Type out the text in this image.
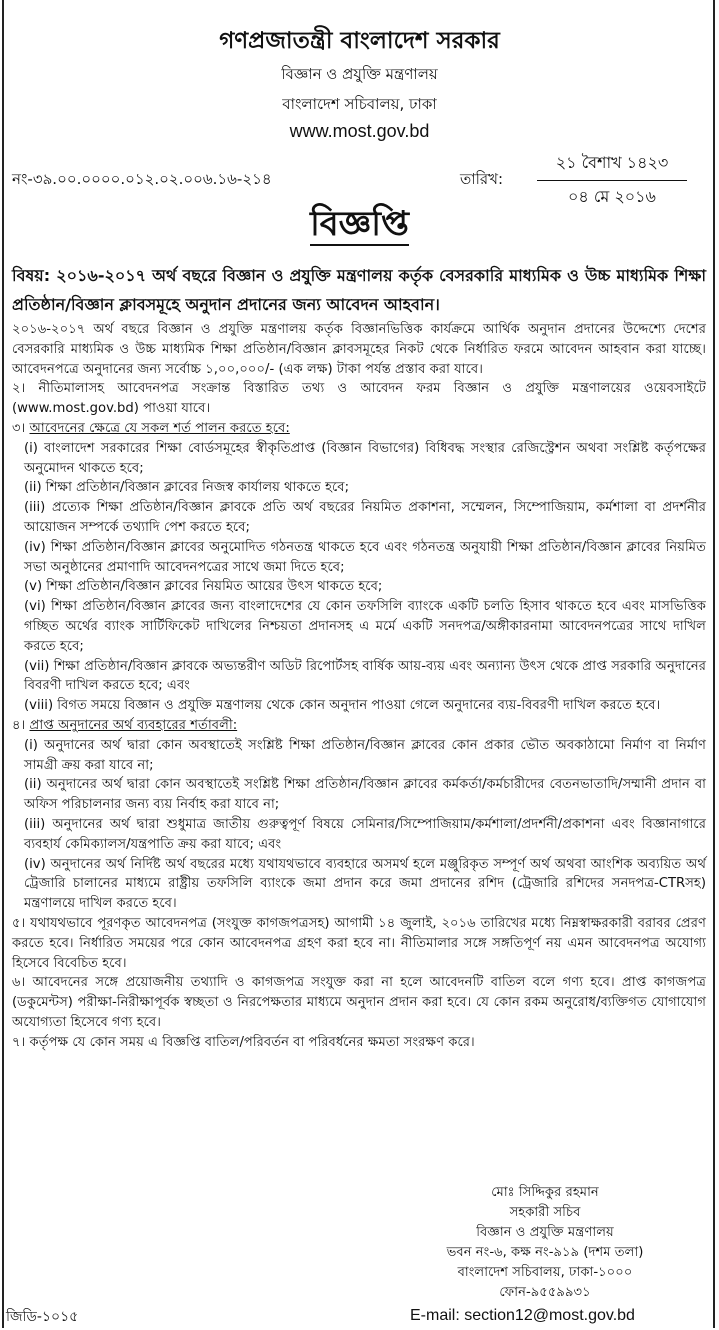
গণপ্রজাতন্ত্রী বাংলাদেশ সরকার
বিজ্ঞান ও প্রযুক্তি মন্ত্রণালয়
বাংলাদেশ সচিবালয়, ঢাকা
www.most.gov.bd
নং-৩৯.০০.০০০০.০১২.০২.০০৬.১৬-২১৪	তারিখ:
২১ বৈশাখ ১৪২৩
০৪ মে ২০১৬
বিজ্ঞপ্তি
বিষয়: ২০১৬-২০১৭ অর্থ বছরে বিজ্ঞান ও প্রযুক্তি মন্ত্রণালয় কর্তৃক বেসরকারি মাধ্যমিক ও উচ্চ মাধ্যমিক শিক্ষা প্রতিষ্ঠান/বিজ্ঞান ক্লাবসমূহে অনুদান প্রদানের জন্য আবেদন আহবান।

২০১৬-২০১৭ অর্থ বছরে বিজ্ঞান ও প্রযুক্তি মন্ত্রণালয় কর্তৃক বিজ্ঞানভিত্তিক কার্যক্রমে আর্থিক অনুদান প্রদানের উদ্দেশ্যে দেশের বেসরকারি মাধ্যমিক ও উচ্চ মাধ্যমিক শিক্ষা প্রতিষ্ঠান/বিজ্ঞান ক্লাবসমূহের নিকট থেকে নির্ধারিত ফরমে আবেদন আহবান করা যাচ্ছে। আবেদনপত্রে অনুদানের জন্য সর্বোচ্চ ১,০০,০০০/- (এক লক্ষ) টাকা পর্যন্ত প্রস্তাব করা যাবে।

২। নীতিমালাসহ আবেদনপত্র সংক্রান্ত বিস্তারিত তথ্য ও আবেদন ফরম বিজ্ঞান ও প্রযুক্তি মন্ত্রণালয়ের ওয়েবসাইটে (www.most.gov.bd) পাওয়া যাবে।

৩। আবেদনের ক্ষেত্রে যে সকল শর্ত পালন করতে হবে:

(i) বাংলাদেশ সরকারের শিক্ষা বোর্ডসমূহের স্বীকৃতিপ্রাপ্ত (বিজ্ঞান বিভাগের) বিধিবদ্ধ সংস্থার রেজিস্ট্রেশন অথবা সংশ্লিষ্ট কর্তৃপক্ষের অনুমোদন থাকতে হবে;

(ii) শিক্ষা প্রতিষ্ঠান/বিজ্ঞান ক্লাবের নিজস্ব কার্যালয় থাকতে হবে;

(iii) প্রত্যেক শিক্ষা প্রতিষ্ঠান/বিজ্ঞান ক্লাবকে প্রতি অর্থ বছরের নিয়মিত প্রকাশনা, সম্মেলন, সিম্পোজিয়াম, কর্মশালা বা প্রদর্শনীর আয়োজন সম্পর্কে তথ্যাদি পেশ করতে হবে;

(iv) শিক্ষা প্রতিষ্ঠান/বিজ্ঞান ক্লাবের অনুমোদিত গঠনতন্ত্র থাকতে হবে এবং গঠনতন্ত্র অনুযায়ী শিক্ষা প্রতিষ্ঠান/বিজ্ঞান ক্লাবের নিয়মিত সভা অনুষ্ঠানের প্রমাণাদি আবেদনপত্রের সাথে জমা দিতে হবে;

(v) শিক্ষা প্রতিষ্ঠান/বিজ্ঞান ক্লাবের নিয়মিত আয়ের উৎস থাকতে হবে;

(vi) শিক্ষা প্রতিষ্ঠান/বিজ্ঞান ক্লাবের জন্য বাংলাদেশের যে কোন তফসিলি ব্যাংকে একটি চলতি হিসাব থাকতে হবে এবং মাসভিত্তিক গচ্ছিত অর্থের ব্যাংক সার্টিফিকেট দাখিলের নিশ্চয়তা প্রদানসহ এ মর্মে একটি সনদপত্র/অঙ্গীকারনামা আবেদনপত্রের সাথে দাখিল করতে হবে;

(vii) শিক্ষা প্রতিষ্ঠান/বিজ্ঞান ক্লাবকে অভ্যন্তরীণ অডিট রিপোর্টসহ বার্ষিক আয়-ব্যয় এবং অন্যান্য উৎস থেকে প্রাপ্ত সরকারি অনুদানের বিবরণী দাখিল করতে হবে; এবং

(viii) বিগত সময়ে বিজ্ঞান ও প্রযুক্তি মন্ত্রণালয় থেকে কোন অনুদান পাওয়া গেলে অনুদানের ব্যয়-বিবরণী দাখিল করতে হবে।

৪। প্রাপ্ত অনুদানের অর্থ ব্যবহারের শর্তাবলী:

(i) অনুদানের অর্থ দ্বারা কোন অবস্থাতেই সংশ্লিষ্ট শিক্ষা প্রতিষ্ঠান/বিজ্ঞান ক্লাবের কোন প্রকার ভৌত অবকাঠামো নির্মাণ বা নির্মাণ সামগ্রী ক্রয় করা যাবে না;

(ii) অনুদানের অর্থ দ্বারা কোন অবস্থাতেই সংশ্লিষ্ট শিক্ষা প্রতিষ্ঠান/বিজ্ঞান ক্লাবের কর্মকর্তা/কর্মচারীদের বেতনভাতাদি/সম্মানী প্রদান বা অফিস পরিচালনার জন্য ব্যয় নির্বাহ করা যাবে না;

(iii) অনুদানের অর্থ দ্বারা শুধুমাত্র জাতীয় গুরুত্বপূর্ণ বিষয়ে সেমিনার/সিম্পোজিয়াম/কর্মশালা/প্রদর্শনী/প্রকাশনা এবং বিজ্ঞানাগারে ব্যবহার্য কেমিক্যালস/যন্ত্রপাতি ক্রয় করা যাবে; এবং

(iv) অনুদানের অর্থ নির্দিষ্ট অর্থ বছরের মধ্যে যথাযথভাবে ব্যবহারে অসমর্থ হলে মঞ্জুরিকৃত সম্পূর্ণ অর্থ অথবা আংশিক অব্যয়িত অর্থ ট্রেজারি চালানের মাধ্যমে রাষ্ট্রীয় তফসিলি ব্যাংকে জমা প্রদান করে জমা প্রদানের রশিদ (ট্রেজারি রশিদের সনদপত্র-CTRসহ) মন্ত্রণালয়ে দাখিল করতে হবে।

৫। যথাযথভাবে পূরণকৃত আবেদনপত্র (সংযুক্ত কাগজপত্রসহ) আগামী ১৪ জুলাই, ২০১৬ তারিখের মধ্যে নিম্নস্বাক্ষরকারী বরাবর প্রেরণ করতে হবে। নির্ধারিত সময়ের পরে কোন আবেদনপত্র গ্রহণ করা হবে না। নীতিমালার সঙ্গে সঙ্গতিপূর্ণ নয় এমন আবেদনপত্র অযোগ্য হিসেবে বিবেচিত হবে।

৬। আবেদনের সঙ্গে প্রয়োজনীয় তথ্যাদি ও কাগজপত্র সংযুক্ত করা না হলে আবেদনটি বাতিল বলে গণ্য হবে। প্রাপ্ত কাগজপত্র (ডকুমেন্টস) পরীক্ষা-নিরীক্ষাপূর্বক স্বচ্ছতা ও নিরপেক্ষতার মাধ্যমে অনুদান প্রদান করা হবে। যে কোন রকম অনুরোধ/ব্যক্তিগত যোগাযোগ অযোগ্যতা হিসেবে গণ্য হবে।

৭। কর্তৃপক্ষ যে কোন সময় এ বিজ্ঞপ্তি বাতিল/পরিবর্তন বা পরিবর্ধনের ক্ষমতা সংরক্ষণ করে।

মোঃ সিদ্দিকুর রহমান
সহকারী সচিব
বিজ্ঞান ও প্রযুক্তি মন্ত্রণালয়
ভবন নং-৬, কক্ষ নং-৯১৯ (দশম তলা)
বাংলাদেশ সচিবালয়, ঢাকা-১০০০
ফোন-৯৫৫৯৯৩১
জিডি-১০১৫	E-mail: section12@most.gov.bd
